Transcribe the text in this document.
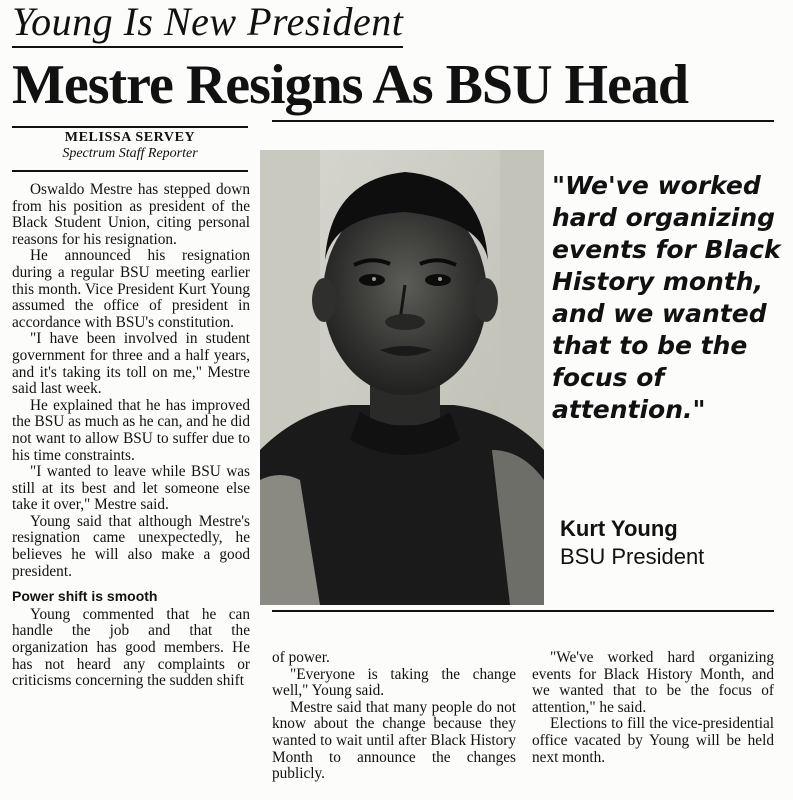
Young Is New President
Mestre Resigns As BSU Head
MELISSA SERVEY
Spectrum Staff Reporter

Oswaldo Mestre has stepped down from his position as president of the Black Student Union, citing personal reasons for his resignation.

He announced his resignation during a regular BSU meeting earlier this month. Vice President Kurt Young assumed the office of president in accordance with BSU's constitution.

"I have been involved in student government for three and a half years, and it's taking its toll on me," Mestre said last week.

He explained that he has improved the BSU as much as he can, and he did not want to allow BSU to suffer due to his time constraints.

"I wanted to leave while BSU was still at its best and let someone else take it over," Mestre said.

Young said that although Mestre's resignation came unexpectedly, he believes he will also make a good president.

Power shift is smooth

Young commented that he can handle the job and that the organization has good members. He has not heard any complaints or criticisms concerning the sudden shift

"We've worked hard organizing events for Black History month, and we wanted that to be the focus of attention."
Kurt Young
BSU President

of power.

"Everyone is taking the change well," Young said.

Mestre said that many people do not know about the change because they wanted to wait until after Black History Month to announce the changes publicly.

"We've worked hard organizing events for Black History Month, and we wanted that to be the focus of attention," he said.

Elections to fill the vice-presidential office vacated by Young will be held next month.
